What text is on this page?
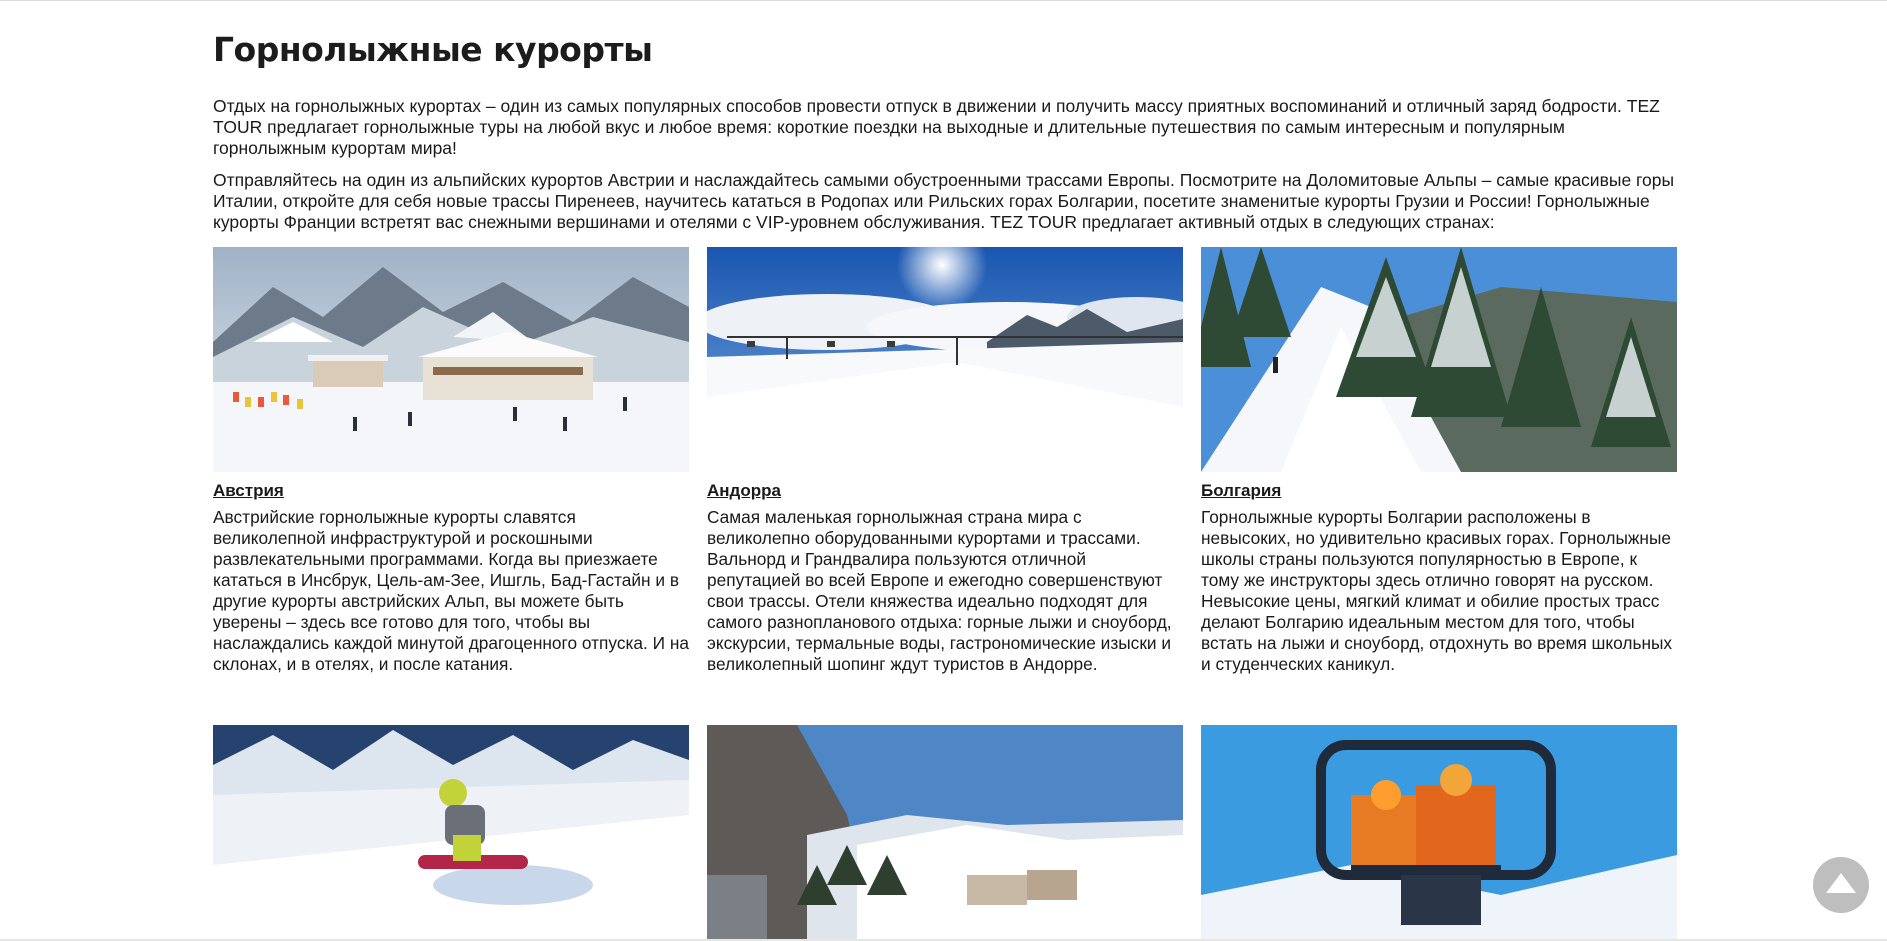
Горнолыжные курорты

Отдых на горнолыжных курортах – один из самых популярных способов провести отпуск в движении и получить массу приятных воспоминаний и отличный заряд бодрости. TEZ TOUR предлагает горнолыжные туры на любой вкус и любое время: короткие поездки на выходные и длительные путешествия по самым интересным и популярным горнолыжным курортам мира!

Отправляйтесь на один из альпийских курортов Австрии и наслаждайтесь самыми обустроенными трассами Европы. Посмотрите на Доломитовые Альпы – самые красивые горы Италии, откройте для себя новые трассы Пиренеев, научитесь кататься в Родопах или Рильских горах Болгарии, посетите знаменитые курорты Грузии и России! Горнолыжные курорты Франции встретят вас снежными вершинами и отелями с VIP-уровнем обслуживания. TEZ TOUR предлагает активный отдых в следующих странах:

Австрия
Австрийские горнолыжные курорты славятся великолепной инфраструктурой и роскошными развлекательными программами. Когда вы приезжаете кататься в Инсбрук, Цель-ам-Зее, Ишгль, Бад-Гастайн и в другие курорты австрийских Альп, вы можете быть уверены – здесь все готово для того, чтобы вы наслаждались каждой минутой драгоценного отпуска. И на склонах, и в отелях, и после катания.
Андорра
Самая маленькая горнолыжная страна мира с великолепно оборудованными курортами и трассами. Вальнорд и Грандвалира пользуются отличной репутацией во всей Европе и ежегодно совершенствуют свои трассы. Отели княжества идеально подходят для самого разнопланового отдыха: горные лыжи и сноуборд, экскурсии, термальные воды, гастрономические изыски и великолепный шопинг ждут туристов в Андорре.
Болгария
Горнолыжные курорты Болгарии расположены в невысоких, но удивительно красивых горах. Горнолыжные школы страны пользуются популярностью в Европе, к тому же инструкторы здесь отлично говорят на русском. Невысокие цены, мягкий климат и обилие простых трасс делают Болгарию идеальным местом для того, чтобы встать на лыжи и сноуборд, отдохнуть во время школьных и студенческих каникул.
